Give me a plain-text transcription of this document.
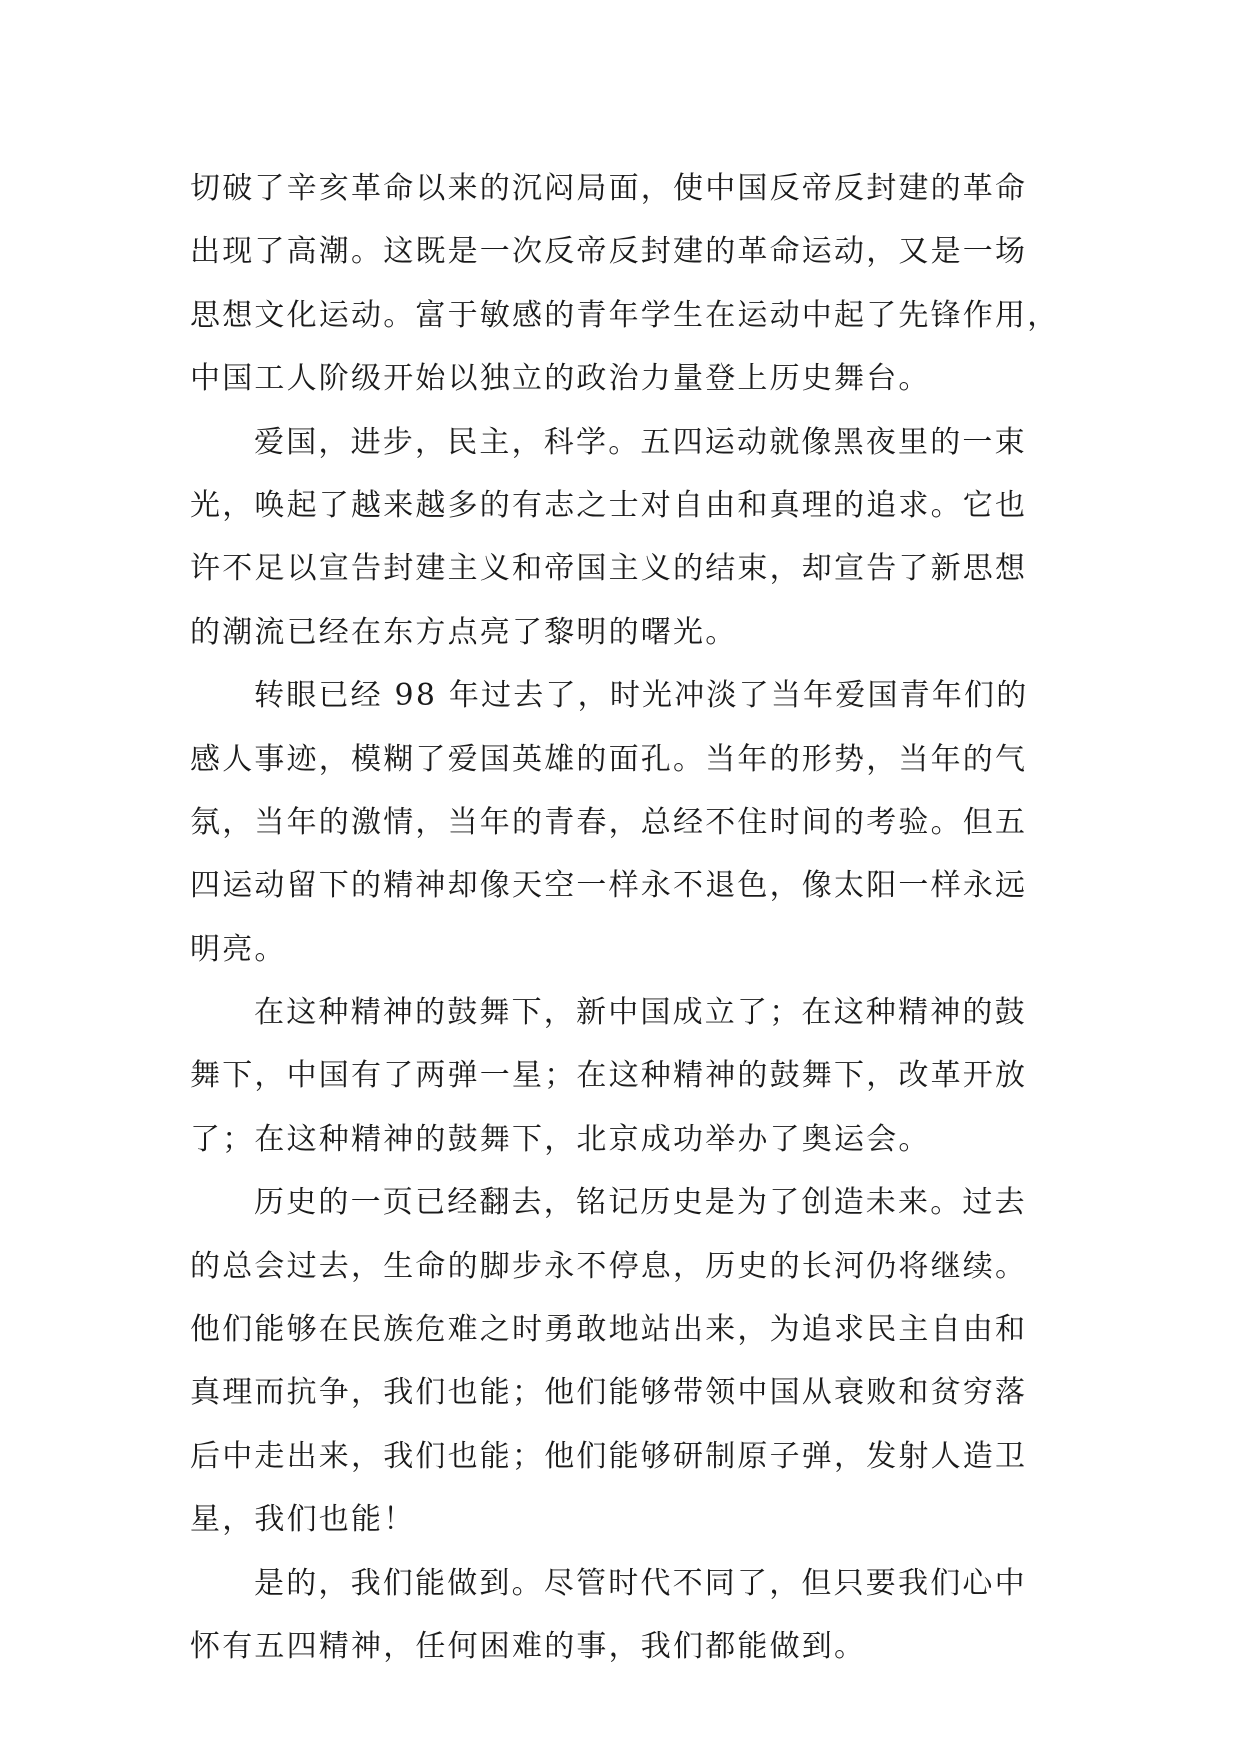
切破了辛亥革命以来的沉闷局面，使中国反帝反封建的革命
出现了高潮。这既是一次反帝反封建的革命运动，又是一场
思想文化运动。富于敏感的青年学生在运动中起了先锋作用，
中国工人阶级开始以独立的政治力量登上历史舞台。
爱国，进步，民主，科学。五四运动就像黑夜里的一束
光，唤起了越来越多的有志之士对自由和真理的追求。它也
许不足以宣告封建主义和帝国主义的结束，却宣告了新思想
的潮流已经在东方点亮了黎明的曙光。
转眼已经 98 年过去了，时光冲淡了当年爱国青年们的
感人事迹，模糊了爱国英雄的面孔。当年的形势，当年的气
氛，当年的激情，当年的青春，总经不住时间的考验。但五
四运动留下的精神却像天空一样永不退色，像太阳一样永远
明亮。
在这种精神的鼓舞下，新中国成立了；在这种精神的鼓
舞下，中国有了两弹一星；在这种精神的鼓舞下，改革开放
了；在这种精神的鼓舞下，北京成功举办了奥运会。
历史的一页已经翻去，铭记历史是为了创造未来。过去
的总会过去，生命的脚步永不停息，历史的长河仍将继续。
他们能够在民族危难之时勇敢地站出来，为追求民主自由和
真理而抗争，我们也能；他们能够带领中国从衰败和贫穷落
后中走出来，我们也能；他们能够研制原子弹，发射人造卫
星，我们也能！
是的，我们能做到。尽管时代不同了，但只要我们心中
怀有五四精神，任何困难的事，我们都能做到。
